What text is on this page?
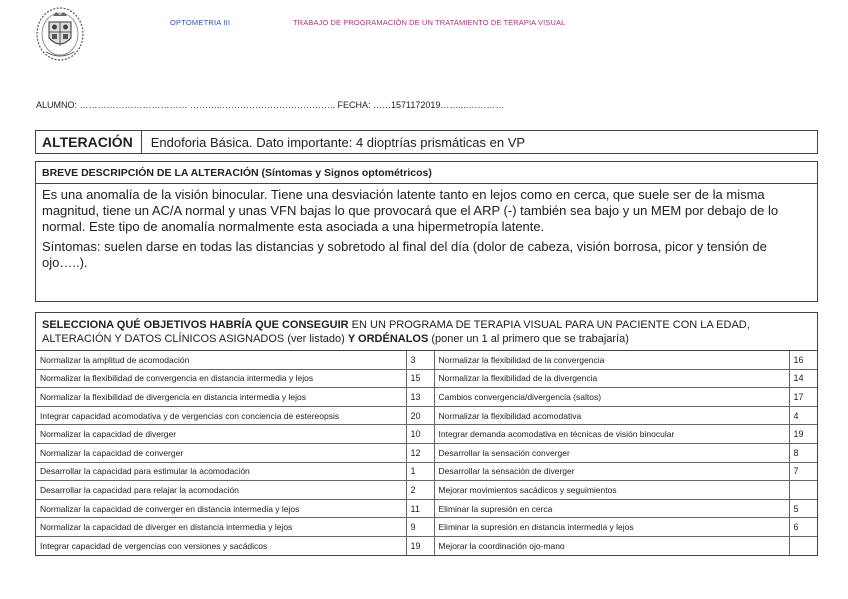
OPTOMETRIA III	TRABAJO DE PROGRAMACIÓN DE UN TRATAMIENTO DE TERAPIA VISUAL
ALUMNO: ……………………………… ………..……………………………….. FECHA: ……1571172019……....…………
ALTERACIÓN	Endoforia Básica. Dato importante: 4 dioptrías prismáticas en VP
BREVE DESCRIPCIÓN DE LA ALTERACIÓN (Síntomas y Signos optométricos)

Es una anomalía de la visión binocular. Tiene una desviación latente tanto en lejos como en cerca, que suele ser de la misma magnitud, tiene un AC/A normal y unas VFN bajas lo que provocará que el ARP (-) también sea bajo y un MEM por debajo de lo normal. Este tipo de anomalía normalmente esta asociada a una hipermetropía latente.

Síntomas: suelen darse en todas las distancias y sobretodo al final del día (dolor de cabeza, visión borrosa, picor y tensión de ojo…..).

SELECCIONA QUÉ OBJETIVOS HABRÍA QUE CONSEGUIR EN UN PROGRAMA DE TERAPIA VISUAL PARA UN PACIENTE CON LA EDAD, ALTERACIÓN Y DATOS CLÍNICOS ASIGNADOS (ver listado) Y ORDÉNALOS (poner un 1 al primero que se trabajaría)
Normalizar la amplitud de acomodación	3	Normalizar la flexibilidad de la convergencia	16
Normalizar la flexibilidad de convergencia en distancia intermedia y lejos	15	Normalizar la flexibilidad de la divergencia	14
Normalizar la flexibilidad de divergencia en distancia intermedia y lejos	13	Cambios convergencia/divergencia (saltos)	17
Integrar capacidad acomodativa y de vergencias con conciencia de estereopsis	20	Normalizar la flexibilidad acomodativa	4
Normalizar la capacidad de diverger	10	Integrar demanda acomodativa en técnicas de visión binocular	19
Normalizar la capacidad de converger	12	Desarrollar la sensación converger	8
Desarrollar la capacidad para estimular la acomodación	1	Desarrollar la sensación de diverger	7
Desarrollar la capacidad para relajar la acomodación	2	Mejorar movimientos sacádicos y seguimientos	
Normalizar la capacidad de converger en distancia intermedia y lejos	11	Eliminar la supresión en cerca	5
Normalizar la capacidad de diverger en distancia intermedia y lejos	9	Eliminar la supresión en distancia intermedia y lejos	6
Integrar capacidad de vergencias con versiones y sacádicos	19	Mejorar la coordinación ojo-mano	
